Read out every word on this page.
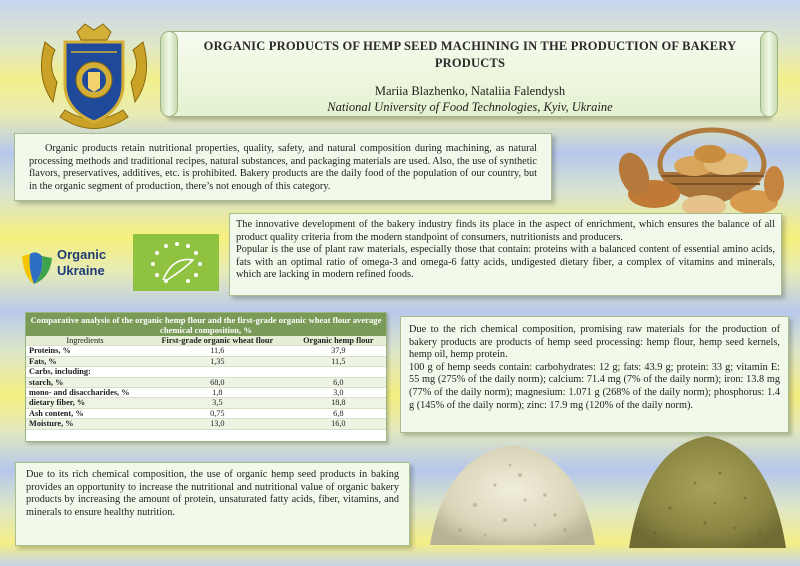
ORGANIC PRODUCTS OF HEMP SEED MACHINING IN THE PRODUCTION OF BAKERY PRODUCTS
Mariia Blazhenko, Nataliia Falendysh
National University of Food Technologies, Kyiv, Ukraine

Organic products retain nutritional properties, quality, safety, and natural composition during machining, as natural processing methods and traditional recipes, natural substances, and packaging materials are used. Also, the use of synthetic flavors, preservatives, additives, etc. is prohibited. Bakery products are the daily food of the population of our country, but in the organic segment of production, there’s not enough of this category.

Organic
Ukraine

The innovative development of the bakery industry finds its place in the aspect of enrichment, which ensures the balance of all product quality criteria from the modern standpoint of consumers, nutritionists and producers.

Popular is the use of plant raw materials, especially those that contain: proteins with a balanced content of essential amino acids, fats with an optimal ratio of omega-3 and omega-6 fatty acids, undigested dietary fiber, a complex of vitamins and minerals, which are lacking in modern refined foods.

Comparative analysis of the organic hemp flour and the first-grade organic wheat flour average chemical composition, %
Ingredients	First-grade organic wheat flour	Organic hemp flour
Proteins, %	11,6	37,9
Fats, %	1,35	11,5
Carbs, including:		
starch, %	68,0	6,0
mono- and disaccharides, %	1,8	3,0
dietary fiber, %	3,5	18,8
Ash content, %	0,75	6,8
Moisture, %	13,0	16,0

Due to the rich chemical composition, promising raw materials for the production of bakery products are products of hemp seed processing: hemp flour, hemp seed kernels, hemp oil, hemp protein.

100 g of hemp seeds contain: carbohydrates: 12 g; fats: 43.9 g; protein: 33 g; vitamin E: 55 mg (275% of the daily norm); calcium: 71.4 mg (7% of the daily norm); iron: 13.8 mg (77% of the daily norm); magnesium: 1.071 g (268% of the daily norm); phosphorus: 1.4 g (145% of the daily norm); zinc: 17.9 mg (120% of the daily norm).

Due to its rich chemical composition, the use of organic hemp seed products in baking provides an opportunity to increase the nutritional and nutritional value of organic bakery products by increasing the amount of protein, unsaturated fatty acids, fiber, vitamins, and minerals to ensure healthy nutrition.
